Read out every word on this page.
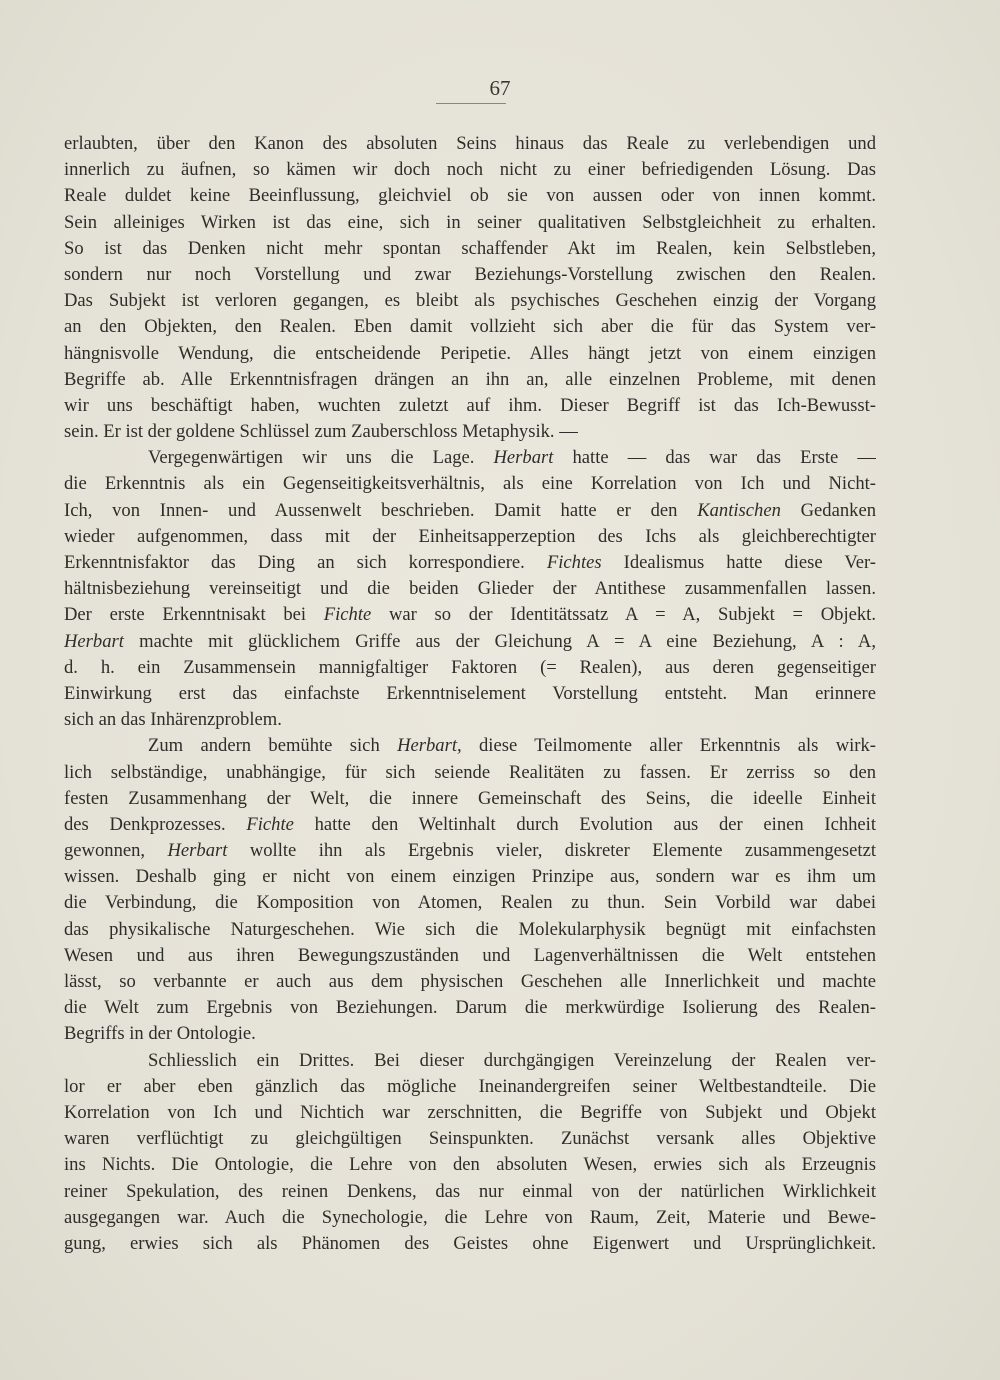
67
erlaubten, über den Kanon des absoluten Seins hinaus das Reale zu verlebendigen und
innerlich zu äufnen, so kämen wir doch noch nicht zu einer befriedigenden Lösung. Das
Reale duldet keine Beeinflussung, gleichviel ob sie von aussen oder von innen kommt.
Sein alleiniges Wirken ist das eine, sich in seiner qualitativen Selbstgleichheit zu erhalten.
So ist das Denken nicht mehr spontan schaffender Akt im Realen, kein Selbstleben,
sondern nur noch Vorstellung und zwar Beziehungs-Vorstellung zwischen den Realen.
Das Subjekt ist verloren gegangen, es bleibt als psychisches Geschehen einzig der Vorgang
an den Objekten, den Realen. Eben damit vollzieht sich aber die für das System ver-
hängnisvolle Wendung, die entscheidende Peripetie. Alles hängt jetzt von einem einzigen
Begriffe ab. Alle Erkenntnisfragen drängen an ihn an, alle einzelnen Probleme, mit denen
wir uns beschäftigt haben, wuchten zuletzt auf ihm. Dieser Begriff ist das Ich-Bewusst-
sein. Er ist der goldene Schlüssel zum Zauberschloss Metaphysik. —
Vergegenwärtigen wir uns die Lage. Herbart hatte — das war das Erste —
die Erkenntnis als ein Gegenseitigkeitsverhältnis, als eine Korrelation von Ich und Nicht-
Ich, von Innen- und Aussenwelt beschrieben. Damit hatte er den Kantischen Gedanken
wieder aufgenommen, dass mit der Einheitsapperzeption des Ichs als gleichberechtigter
Erkenntnisfaktor das Ding an sich korrespondiere. Fichtes Idealismus hatte diese Ver-
hältnisbeziehung vereinseitigt und die beiden Glieder der Antithese zusammenfallen lassen.
Der erste Erkenntnisakt bei Fichte war so der Identitätssatz A = A, Subjekt = Objekt.
Herbart machte mit glücklichem Griffe aus der Gleichung A = A eine Beziehung, A : A,
d. h. ein Zusammensein mannigfaltiger Faktoren (= Realen), aus deren gegenseitiger
Einwirkung erst das einfachste Erkenntniselement Vorstellung entsteht. Man erinnere
sich an das Inhärenzproblem.
Zum andern bemühte sich Herbart, diese Teilmomente aller Erkenntnis als wirk-
lich selbständige, unabhängige, für sich seiende Realitäten zu fassen. Er zerriss so den
festen Zusammenhang der Welt, die innere Gemeinschaft des Seins, die ideelle Einheit
des Denkprozesses. Fichte hatte den Weltinhalt durch Evolution aus der einen Ichheit
gewonnen, Herbart wollte ihn als Ergebnis vieler, diskreter Elemente zusammengesetzt
wissen. Deshalb ging er nicht von einem einzigen Prinzipe aus, sondern war es ihm um
die Verbindung, die Komposition von Atomen, Realen zu thun. Sein Vorbild war dabei
das physikalische Naturgeschehen. Wie sich die Molekularphysik begnügt mit einfachsten
Wesen und aus ihren Bewegungszuständen und Lagenverhältnissen die Welt entstehen
lässt, so verbannte er auch aus dem physischen Geschehen alle Innerlichkeit und machte
die Welt zum Ergebnis von Beziehungen. Darum die merkwürdige Isolierung des Realen-
Begriffs in der Ontologie.
Schliesslich ein Drittes. Bei dieser durchgängigen Vereinzelung der Realen ver-
lor er aber eben gänzlich das mögliche Ineinandergreifen seiner Weltbestandteile. Die
Korrelation von Ich und Nichtich war zerschnitten, die Begriffe von Subjekt und Objekt
waren verflüchtigt zu gleichgültigen Seinspunkten. Zunächst versank alles Objektive
ins Nichts. Die Ontologie, die Lehre von den absoluten Wesen, erwies sich als Erzeugnis
reiner Spekulation, des reinen Denkens, das nur einmal von der natürlichen Wirklichkeit
ausgegangen war. Auch die Synechologie, die Lehre von Raum, Zeit, Materie und Bewe-
gung, erwies sich als Phänomen des Geistes ohne Eigenwert und Ursprünglichkeit.
